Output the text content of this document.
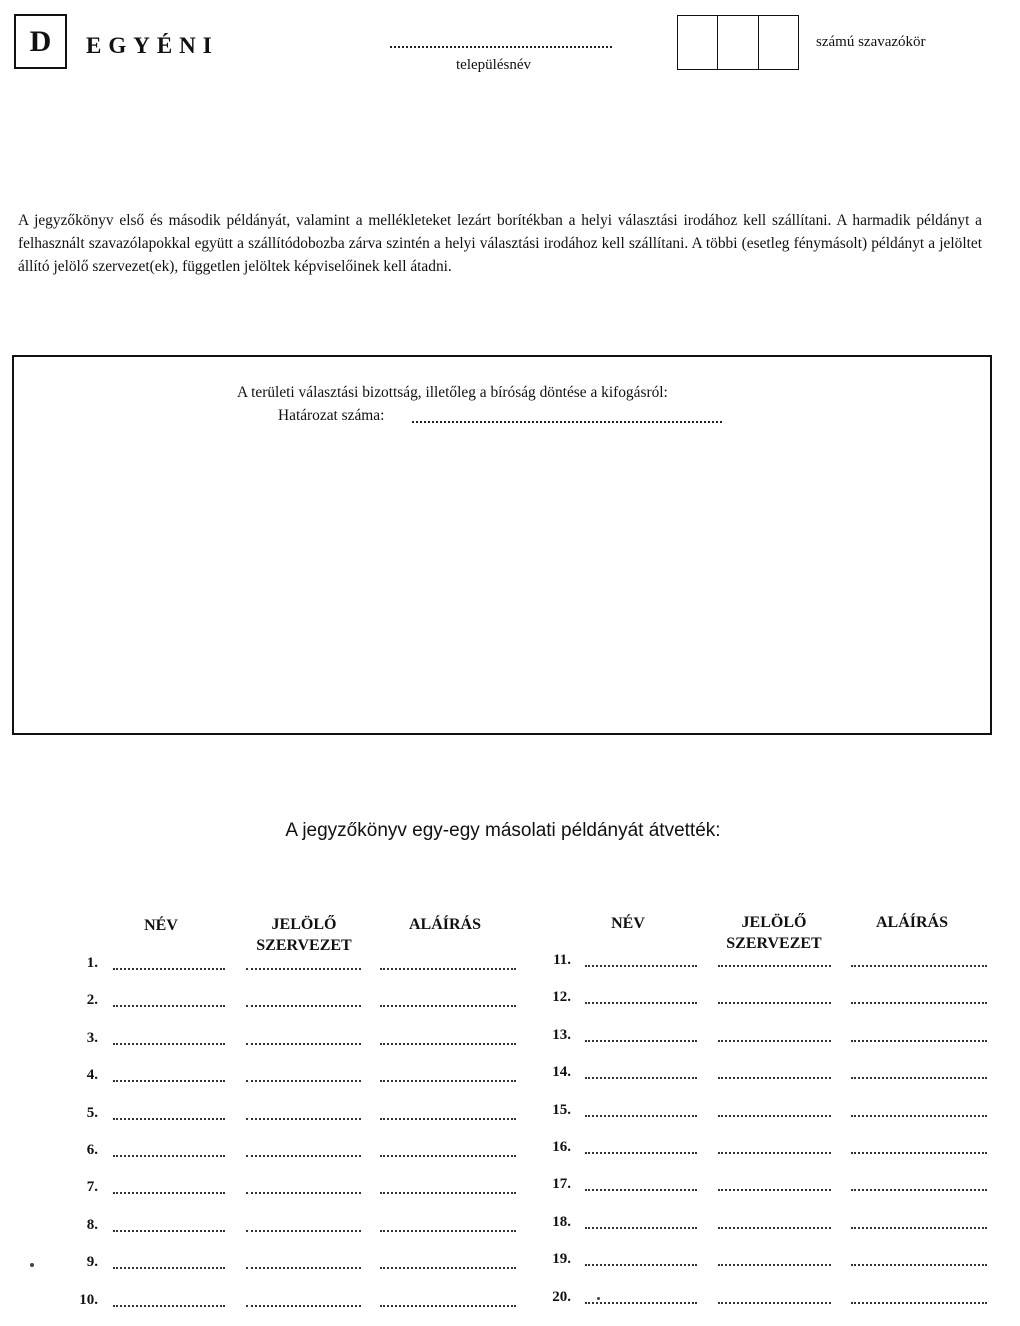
D	EGYÉNI
településnév
számú szavazókör
A jegyzőkönyv első és második példányát, valamint a mellékleteket lezárt borítékban a helyi választási irodához kell szállítani. A harmadik példányt a felhasznált szavazólapokkal együtt a szállítódobozba zárva szintén a helyi választási irodához kell szállítani. A többi (esetleg fénymásolt) példányt a jelöltet állító jelölő szervezet(ek), független jelöltek képviselőinek kell átadni.
A területi választási bizottság, illetőleg a bíróság döntése a kifogásról:
Határozat száma:
A jegyzőkönyv egy-egy másolati példányát átvették:
NÉV	JELÖLŐ
SZERVEZET
ALÁÍRÁS	NÉV	JELÖLŐ
SZERVEZET
ALÁÍRÁS
1.
2.
3.
4.
5.
6.
7.
8.
9.
10.
11.
12.
13.
14.
15.
16.
17.
18.
19.
20.
